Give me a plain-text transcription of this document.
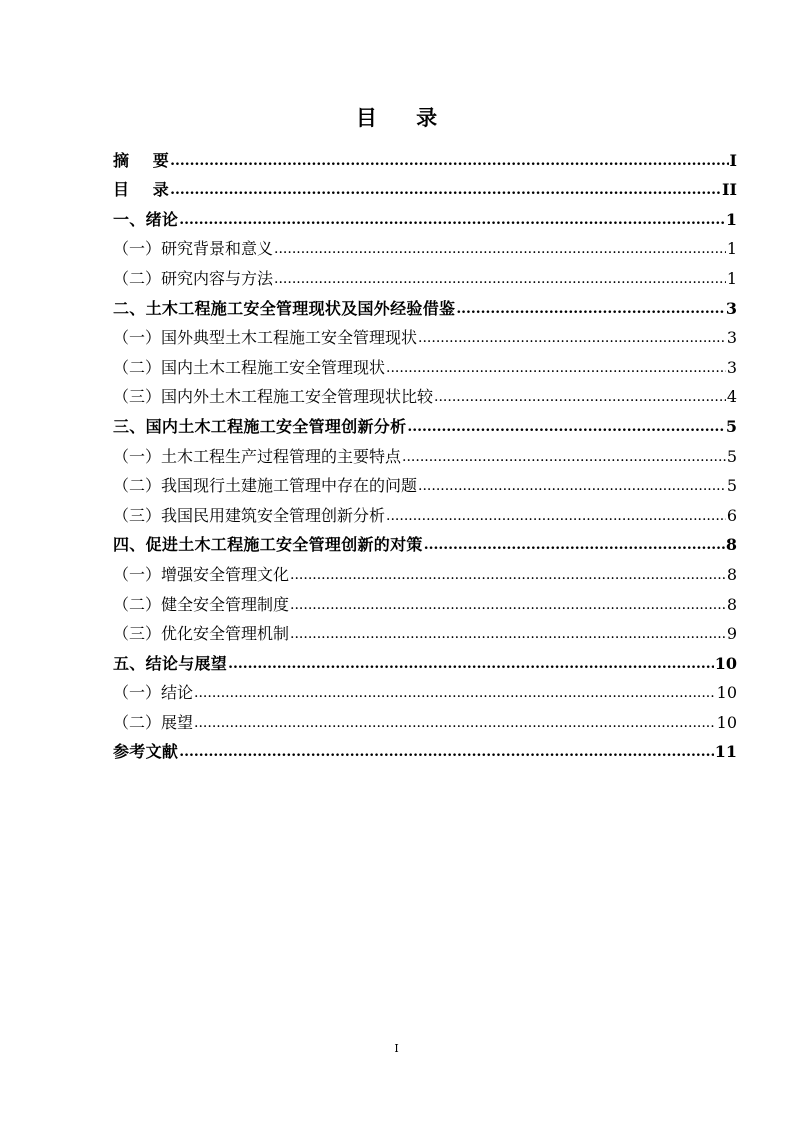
目 录
摘    要 .....	I
目    录 .....	II
一、绪论 .....	1
（一）研究背景和意义 .....	1
（二）研究内容与方法 .....	1
二、土木工程施工安全管理现状及国外经验借鉴 .....	3
（一）国外典型土木工程施工安全管理现状 .....	3
（二）国内土木工程施工安全管理现状 .....	3
（三）国内外土木工程施工安全管理现状比较 .....	4
三、国内土木工程施工安全管理创新分析 .....	5
（一）土木工程生产过程管理的主要特点 .....	5
（二）我国现行土建施工管理中存在的问题 .....	5
（三）我国民用建筑安全管理创新分析 .....	6
四、促进土木工程施工安全管理创新的对策 .....	8
（一）增强安全管理文化 .....	8
（二）健全安全管理制度 .....	8
（三）优化安全管理机制 .....	9
五、结论与展望 .....	10
（一）结论 .....	10
（二）展望 .....	10
参考文献 .....	11
I
